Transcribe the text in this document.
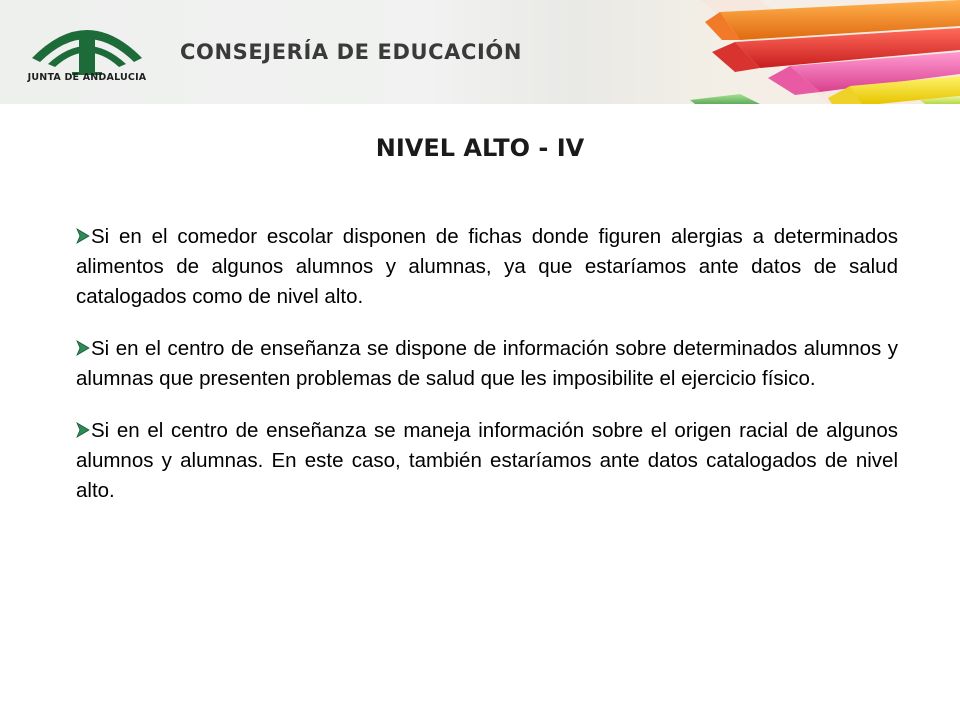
JUNTA DE ANDALUCIA
CONSEJERÍA DE EDUCACIÓN
NIVEL ALTO - IV
Si en el comedor escolar disponen de fichas donde figuren alergias a determinados alimentos de algunos alumnos y alumnas, ya que estaríamos ante datos de salud catalogados como de nivel alto.
Si en el centro de enseñanza se dispone de información sobre determinados alumnos y alumnas que presenten problemas de salud que les imposibilite el ejercicio físico.
Si en el centro de enseñanza se maneja información sobre el origen racial de algunos alumnos y alumnas. En este caso, también estaríamos ante datos catalogados de nivel alto.
